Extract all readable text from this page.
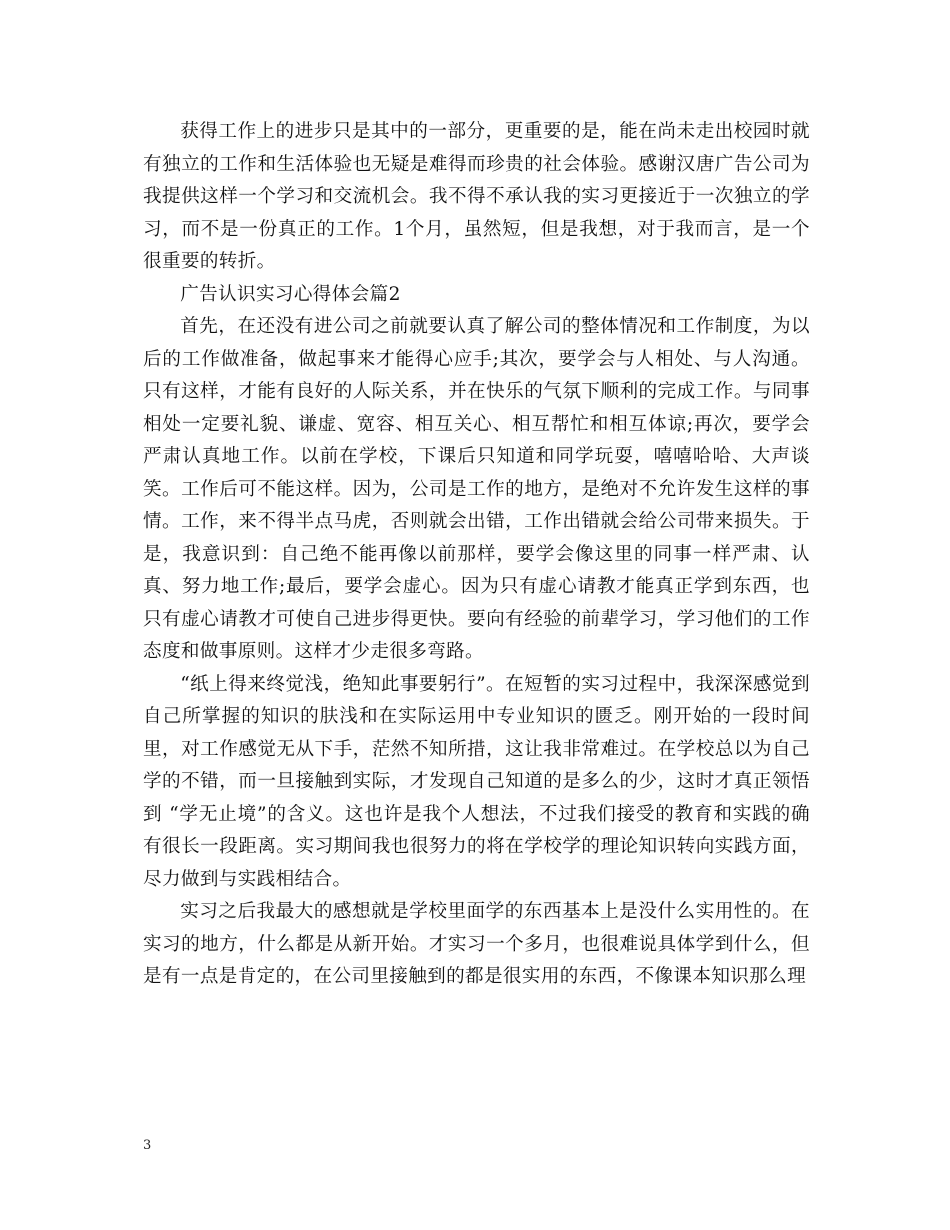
获得工作上的进步只是其中的一部分，更重要的是，能在尚未走出校园时就有独立的工作和生活体验也无疑是难得而珍贵的社会体验。感谢汉唐广告公司为我提供这样一个学习和交流机会。我不得不承认我的实习更接近于一次独立的学习，而不是一份真正的工作。1个月，虽然短，但是我想，对于我而言，是一个很重要的转折。

广告认识实习心得体会篇2

首先，在还没有进公司之前就要认真了解公司的整体情况和工作制度，为以后的工作做准备，做起事来才能得心应手;其次，要学会与人相处、与人沟通。只有这样，才能有良好的人际关系，并在快乐的气氛下顺利的完成工作。与同事相处一定要礼貌、谦虚、宽容、相互关心、相互帮忙和相互体谅;再次，要学会严肃认真地工作。以前在学校，下课后只知道和同学玩耍，嘻嘻哈哈、大声谈笑。工作后可不能这样。因为，公司是工作的地方，是绝对不允许发生这样的事情。工作，来不得半点马虎，否则就会出错，工作出错就会给公司带来损失。于是，我意识到：自己绝不能再像以前那样，要学会像这里的同事一样严肃、认真、努力地工作;最后，要学会虚心。因为只有虚心请教才能真正学到东西，也只有虚心请教才可使自己进步得更快。要向有经验的前辈学习，学习他们的工作态度和做事原则。这样才少走很多弯路。

“纸上得来终觉浅，绝知此事要躬行”。在短暂的实习过程中，我深深感觉到自己所掌握的知识的肤浅和在实际运用中专业知识的匮乏。刚开始的一段时间里，对工作感觉无从下手，茫然不知所措，这让我非常难过。在学校总以为自己学的不错，而一旦接触到实际，才发现自己知道的是多么的少，这时才真正领悟到 “学无止境”的含义。这也许是我个人想法，不过我们接受的教育和实践的确有很长一段距离。实习期间我也很努力的将在学校学的理论知识转向实践方面，尽力做到与实践相结合。

实习之后我最大的感想就是学校里面学的东西基本上是没什么实用性的。在实习的地方，什么都是从新开始。才实习一个多月，也很难说具体学到什么，但是有一点是肯定的，在公司里接触到的都是很实用的东西，不像课本知识那么理

3
